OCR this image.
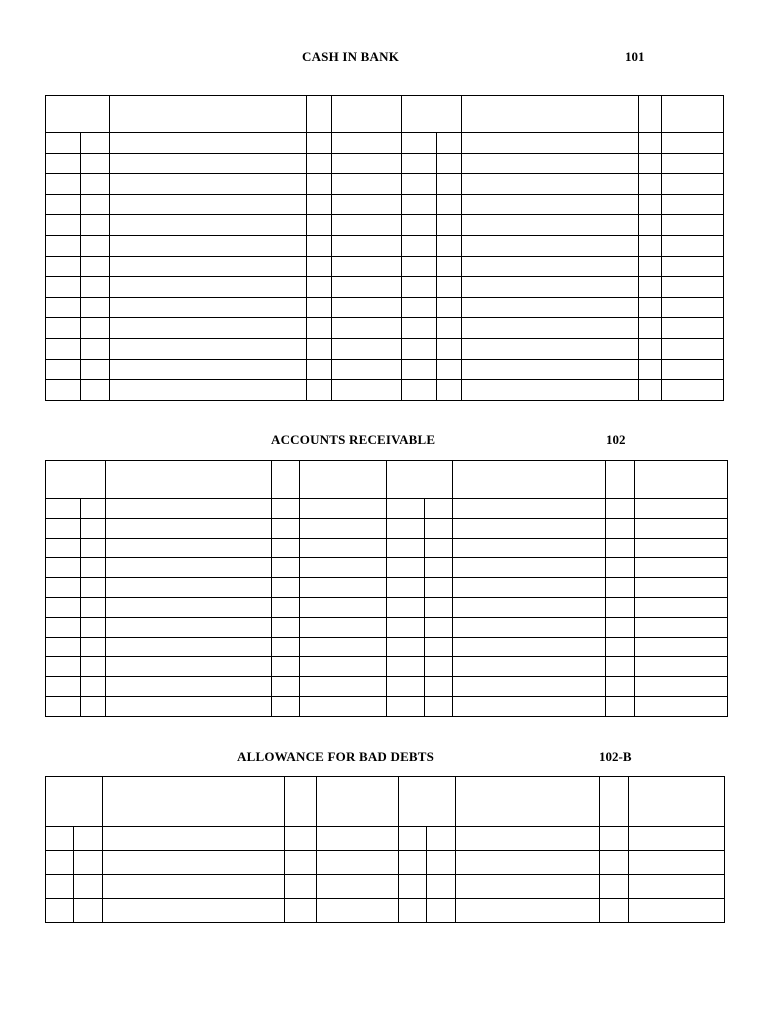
CASH IN BANK	101

ACCOUNTS RECEIVABLE	102

ALLOWANCE FOR BAD DEBTS	102-B
